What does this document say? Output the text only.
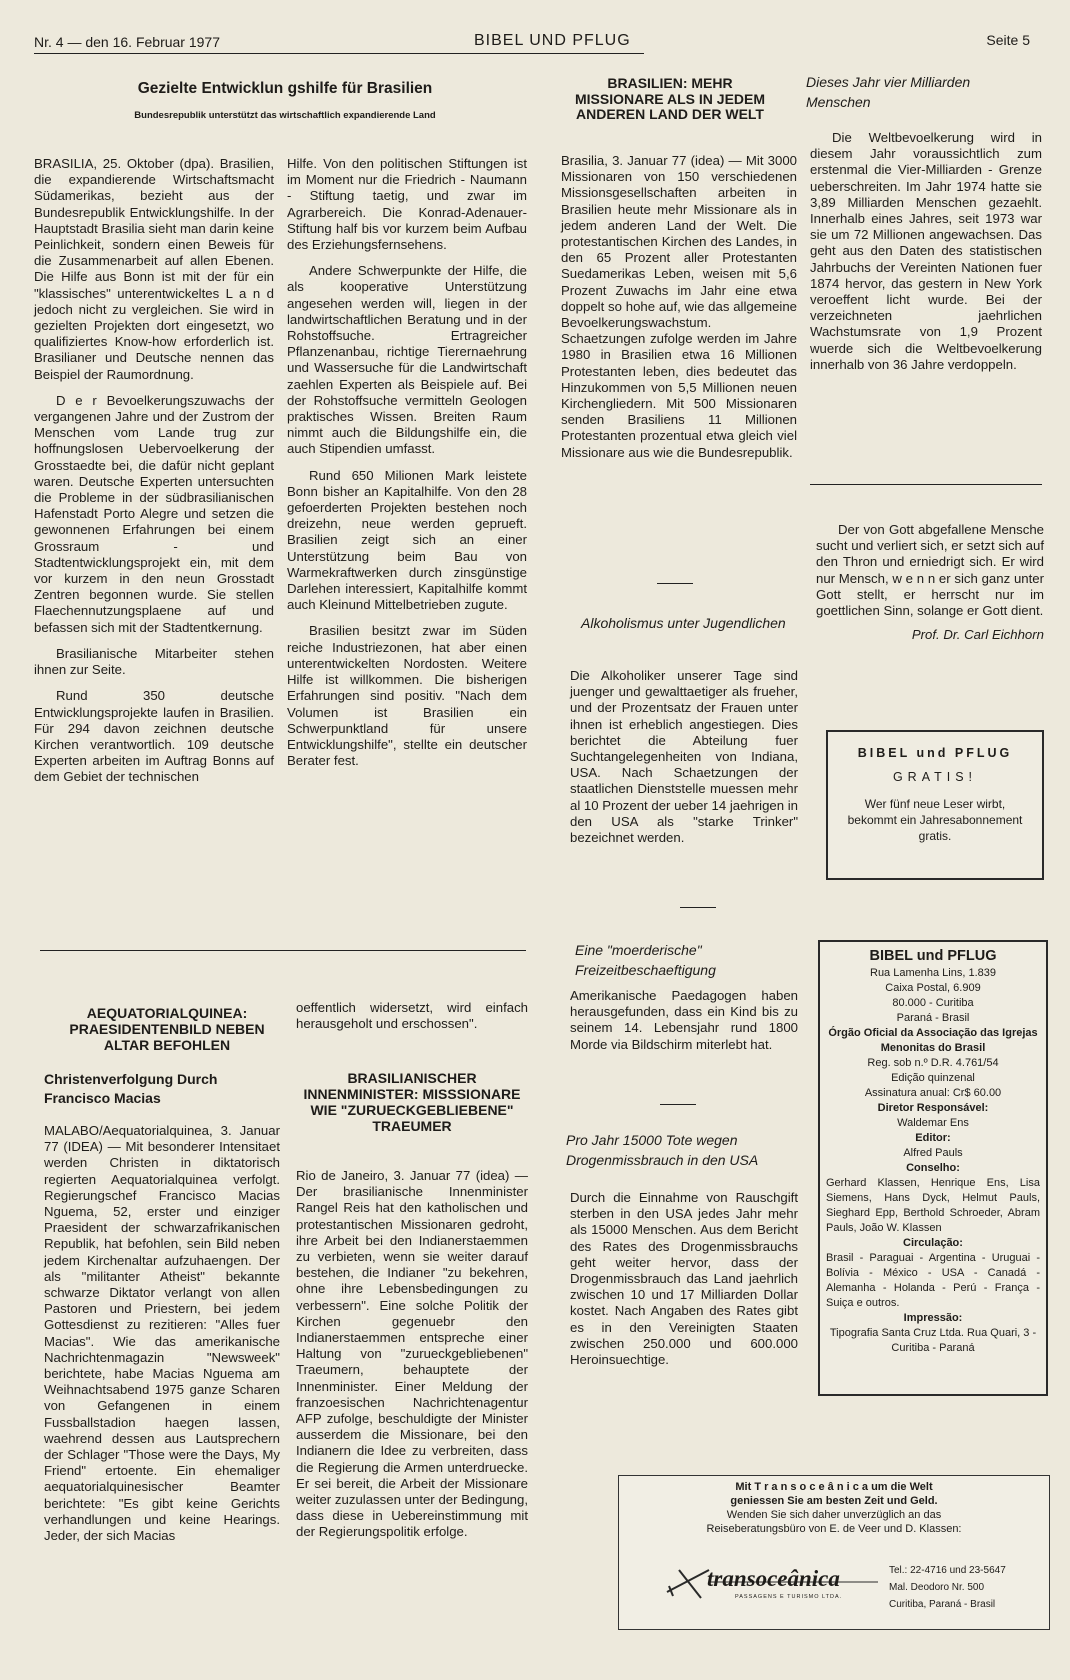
Nr. 4 — den 16. Februar 1977	BIBEL UND PFLUG	Seite 5
Gezielte Entwicklun gshilfe für Brasilien
Bundesrepublik unterstützt das wirtschaftlich expandierende Land

BRASILIA, 25. Oktober (dpa). Brasilien, die expandierende Wirtschaftsmacht Südamerikas, bezieht aus der Bundesrepublik Entwicklungshilfe. In der Hauptstadt Brasilia sieht man darin keine Peinlichkeit, sondern einen Beweis für die Zusammenarbeit auf allen Ebenen. Die Hilfe aus Bonn ist mit der für ein "klassisches" unterentwickeltes L a n d jedoch nicht zu vergleichen. Sie wird in gezielten Projekten dort eingesetzt, wo qualifiziertes Know-how erforderlich ist. Brasilianer und Deutsche nennen das Beispiel der Raumordnung.

D e r Bevoelkerungszuwachs der vergangenen Jahre und der Zustrom der Menschen vom Lande trug zur hoffnungslosen Uebervoelkerung der Grosstaedte bei, die dafür nicht geplant waren. Deutsche Experten untersuchten die Probleme in der südbrasilianischen Hafenstadt Porto Alegre und setzen die gewonnenen Erfahrungen bei einem Grossraum - und Stadtentwicklungsprojekt ein, mit dem vor kurzem in den neun Grosstadt Zentren begonnen wurde. Sie stellen Flaechennutzungsplaene auf und befassen sich mit der Stadtentkernung.

Brasilianische Mitarbeiter stehen ihnen zur Seite.

Rund 350 deutsche Entwicklungsprojekte laufen in Brasilien. Für 294 davon zeichnen deutsche Kirchen verantwortlich. 109 deutsche Experten arbeiten im Auftrag Bonns auf dem Gebiet der technischen

Hilfe. Von den politischen Stiftungen ist im Moment nur die Friedrich - Naumann - Stiftung taetig, und zwar im Agrarbereich. Die Konrad-Adenauer-Stiftung half bis vor kurzem beim Aufbau des Erziehungsfernsehens.

Andere Schwerpunkte der Hilfe, die als kooperative Unterstützung angesehen werden will, liegen in der landwirtschaftlichen Beratung und in der Rohstoffsuche. Ertragreicher Pflanzenanbau, richtige Tierernaehrung und Wassersuche für die Landwirtschaft zaehlen Experten als Beispiele auf. Bei der Rohstoffsuche vermitteln Geologen praktisches Wissen. Breiten Raum nimmt auch die Bildungshilfe ein, die auch Stipendien umfasst.

Rund 650 Milionen Mark leistete Bonn bisher an Kapitalhilfe. Von den 28 gefoerderten Projekten bestehen noch dreizehn, neue werden geprueft. Brasilien zeigt sich an einer Unterstützung beim Bau von Warmekraftwerken durch zinsgünstige Darlehen interessiert, Kapitalhilfe kommt auch Kleinund Mittelbetrieben zugute.

Brasilien besitzt zwar im Süden reiche Industriezonen, hat aber einen unterentwickelten Nordosten. Weitere Hilfe ist willkommen. Die bisherigen Erfahrungen sind positiv. "Nach dem Volumen ist Brasilien ein Schwerpunktland für unsere Entwicklungshilfe", stellte ein deutscher Berater fest.

AEQUATORIALQUINEA: PRAESIDENTENBILD NEBEN ALTAR BEFOHLEN
Christenverfolgung Durch Francisco Macias

MALABO/Aequatorialquinea, 3. Januar 77 (IDEA) — Mit besonderer Intensitaet werden Christen in diktatorisch regierten Aequatorialquinea verfolgt. Regierungschef Francisco Macias Nguema, 52, erster und einziger Praesident der schwarzafrikanischen Republik, hat befohlen, sein Bild neben jedem Kirchenaltar aufzuhaengen. Der als "militanter Atheist" bekannte schwarze Diktator verlangt von allen Pastoren und Priestern, bei jedem Gottesdienst zu rezitieren: "Alles fuer Macias". Wie das amerikanische Nachrichtenmagazin "Newsweek" berichtete, habe Macias Nguema am Weihnachtsabend 1975 ganze Scharen von Gefangenen in einem Fussballstadion haegen lassen, waehrend dessen aus Lautsprechern der Schlager "Those were the Days, My Friend" ertoente. Ein ehemaliger aequatorialquinesischer Beamter berichtete: "Es gibt keine Gerichts verhandlungen und keine Hearings. Jeder, der sich Macias

oeffentlich widersetzt, wird einfach herausgeholt und erschossen".

BRASILIANISCHER INNENMINISTER: MISSSIONARE WIE "ZURUECKGEBLIEBENE" TRAEUMER

Rio de Janeiro, 3. Januar 77 (idea) — Der brasilianische Innenminister Rangel Reis hat den katholischen und protestantischen Missionaren gedroht, ihre Arbeit bei den Indianerstaemmen zu verbieten, wenn sie weiter darauf bestehen, die Indianer "zu bekehren, ohne ihre Lebensbedingungen zu verbessern". Eine solche Politik der Kirchen gegenuebr den Indianerstaemmen entspreche einer Haltung von "zurueckgebliebenen" Traeumern, behauptete der Innenminister. Einer Meldung der franzoesischen Nachrichtenagentur AFP zufolge, beschuldigte der Minister ausserdem die Missionare, bei den Indianern die Idee zu verbreiten, dass die Regierung die Armen unterdruecke. Er sei bereit, die Arbeit der Missionare weiter zuzulassen unter der Bedingung, dass diese in Uebereinstimmung mit der Regierungspolitik erfolge.

BRASILIEN: MEHR MISSIONARE ALS IN JEDEM ANDEREN LAND DER WELT

Brasilia, 3. Januar 77 (idea) — Mit 3000 Missionaren von 150 verschiedenen Missionsgesellschaften arbeiten in Brasilien heute mehr Missionare als in jedem anderen Land der Welt. Die protestantischen Kirchen des Landes, in den 65 Prozent aller Protestanten Suedamerikas Leben, weisen mit 5,6 Prozent Zuwachs im Jahr eine etwa doppelt so hohe auf, wie das allgemeine Bevoelkerungswachstum. Schaetzungen zufolge werden im Jahre 1980 in Brasilien etwa 16 Millionen Protestanten leben, dies bedeutet das Hinzukommen von 5,5 Millionen neuen Kirchengliedern. Mit 500 Missionaren senden Brasiliens 11 Millionen Protestanten prozentual etwa gleich viel Missionare aus wie die Bundesrepublik.

Alkoholismus unter Jugendlichen

Die Alkoholiker unserer Tage sind juenger und gewalttaetiger als frueher, und der Prozentsatz der Frauen unter ihnen ist erheblich angestiegen. Dies berichtet die Abteilung fuer Suchtangelegenheiten von Indiana, USA. Nach Schaetzungen der staatlichen Dienststelle muessen mehr al 10 Prozent der ueber 14 jaehrigen in den USA als "starke Trinker" bezeichnet werden.

Eine "moerderische" Freizeitbeschaeftigung

Amerikanische Paedagogen haben herausgefunden, dass ein Kind bis zu seinem 14. Lebensjahr rund 1800 Morde via Bildschirm miterlebt hat.

Pro Jahr 15000 Tote wegen Drogenmissbrauch in den USA

Durch die Einnahme von Rauschgift sterben in den USA jedes Jahr mehr als 15000 Menschen. Aus dem Bericht des Rates des Drogenmissbrauchs geht weiter hervor, dass der Drogenmissbrauch das Land jaehrlich zwischen 10 und 17 Milliarden Dollar kostet. Nach Angaben des Rates gibt es in den Vereinigten Staaten zwischen 250.000 und 600.000 Heroinsuechtige.

Dieses Jahr vier Milliarden Menschen

Die Weltbevoelkerung wird in diesem Jahr voraussichtlich zum erstenmal die Vier-Milliarden - Grenze ueberschreiten. Im Jahr 1974 hatte sie 3,89 Milliarden Menschen gezaehlt. Innerhalb eines Jahres, seit 1973 war sie um 72 Millionen angewachsen. Das geht aus den Daten des statistischen Jahrbuchs der Vereinten Nationen fuer 1874 hervor, das gestern in New York veroeffent licht wurde. Bei der verzeichneten jaehrlichen Wachstumsrate von 1,9 Prozent wuerde sich die Weltbevoelkerung innerhalb von 36 Jahre verdoppeln.

Der von Gott abgefallene Mensche sucht und verliert sich, er setzt sich auf den Thron und erniedrigt sich. Er wird nur Mensch, w e n n er sich ganz unter Gott stellt, er herrscht nur im goettlichen Sinn, solange er Gott dient.

Prof. Dr. Carl Eichhorn
BIBEL und PFLUG
GRATIS!
Wer fünf neue Leser wirbt, bekommt ein Jahresabonnement gratis.

BIBEL und PFLUG

Rua Lamenha Lins, 1.839

Caixa Postal, 6.909

80.000 - Curitiba

Paraná - Brasil

Órgão Oficial da Associação das Igrejas Menonitas do Brasil

Reg. sob n.º D.R. 4.761/54

Edição quinzenal

Assinatura anual: Cr$ 60.00

Diretor Responsável:

Waldemar Ens

Editor:

Alfred Pauls

Conselho:

Gerhard Klassen, Henrique Ens, Lisa Siemens, Hans Dyck, Helmut Pauls, Sieghard Epp, Berthold Schroeder, Abram Pauls, João W. Klassen

Circulação:

Brasil - Paraguai - Argentina - Uruguai - Bolívia - México - USA - Canadá - Alemanha - Holanda - Perú - França - Suiça e outros.

Impressão:

Tipografia Santa Cruz Ltda. Rua Quari, 3 - Curitiba - Paraná

Mit T r a n s o c e â n i c a um die Welt
geniessen Sie am besten Zeit und Geld.
Wenden Sie sich daher unverzüglich an das
Reiseberatungsbüro von E. de Veer und D. Klassen:
transoceânica
PASSAGENS E TURISMO LTDA.
Tel.: 22-4716 und 23-5647
Mal. Deodoro Nr. 500
Curitiba, Paraná - Brasil
